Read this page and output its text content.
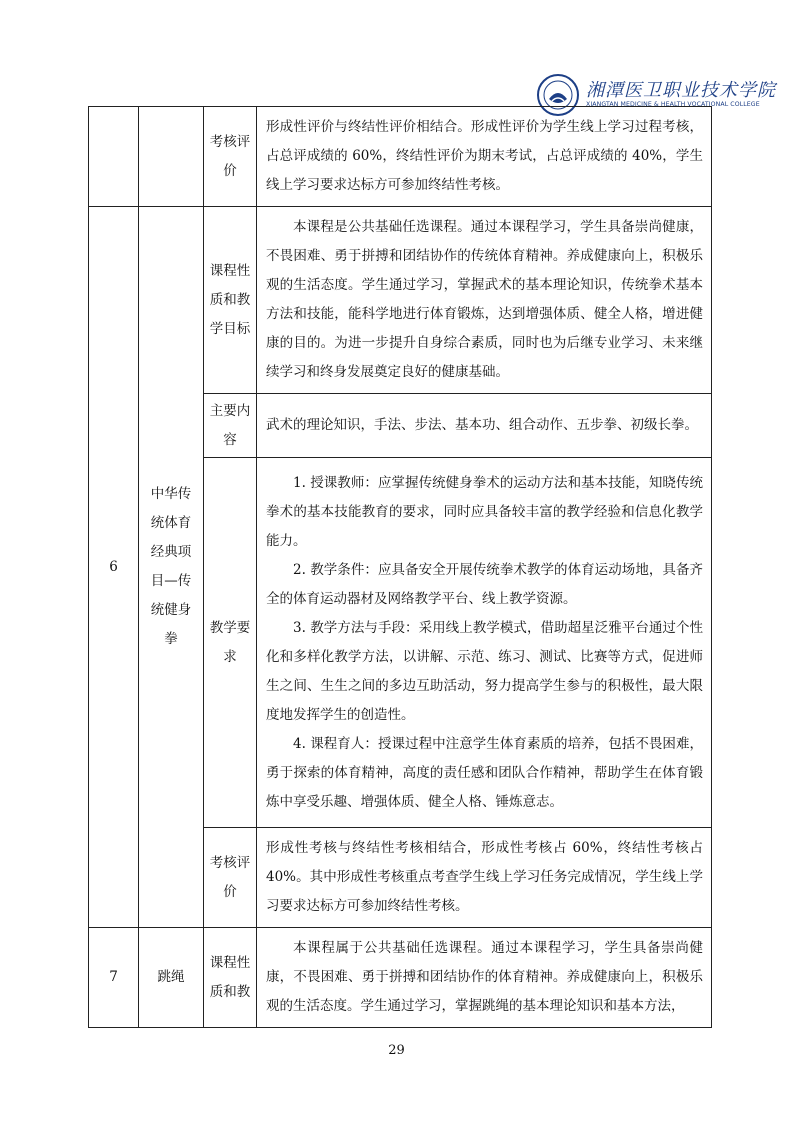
湘潭医卫职业技术学院
XIANGTAN MEDICINE & HEALTH VOCATIONAL COLLEGE
		考核评价	形成性评价与终结性评价相结合。形成性评价为学生线上学习过程考核，占总评成绩的 60%，终结性评价为期末考试，占总评成绩的 40%，学生线上学习要求达标方可参加终结性考核。

6	中华传统体育经典项目—传统健身拳	课程性质和教学目标	本课程是公共基础任选课程。通过本课程学习，学生具备崇尚健康，不畏困难、勇于拼搏和团结协作的传统体育精神。养成健康向上，积极乐观的生活态度。学生通过学习，掌握武术的基本理论知识，传统拳术基本方法和技能，能科学地进行体育锻炼，达到增强体质、健全人格，增进健康的目的。为进一步提升自身综合素质，同时也为后继专业学习、未来继续学习和终身发展奠定良好的健康基础。

		主要内容	武术的理论知识，手法、步法、基本功、组合动作、五步拳、初级长拳。

		教学要求	1. 授课教师：应掌握传统健身拳术的运动方法和基本技能，知晓传统拳术的基本技能教育的要求，同时应具备较丰富的教学经验和信息化教学能力。

2. 教学条件：应具备安全开展传统拳术教学的体育运动场地，具备齐全的体育运动器材及网络教学平台、线上教学资源。

3. 教学方法与手段：采用线上教学模式，借助超星泛雅平台通过个性化和多样化教学方法，以讲解、示范、练习、测试、比赛等方式，促进师生之间、生生之间的多边互助活动，努力提高学生参与的积极性，最大限度地发挥学生的创造性。

4. 课程育人：授课过程中注意学生体育素质的培养，包括不畏困难，勇于探索的体育精神，高度的责任感和团队合作精神，帮助学生在体育锻炼中享受乐趣、增强体质、健全人格、锤炼意志。

		考核评价	形成性考核与终结性考核相结合，形成性考核占 60%，终结性考核占 40%。其中形成性考核重点考查学生线上学习任务完成情况，学生线上学习要求达标方可参加终结性考核。

7	跳绳	课程性质和教	本课程属于公共基础任选课程。通过本课程学习，学生具备崇尚健康，不畏困难、勇于拼搏和团结协作的体育精神。养成健康向上，积极乐观的生活态度。学生通过学习，掌握跳绳的基本理论知识和基本方法，

29
